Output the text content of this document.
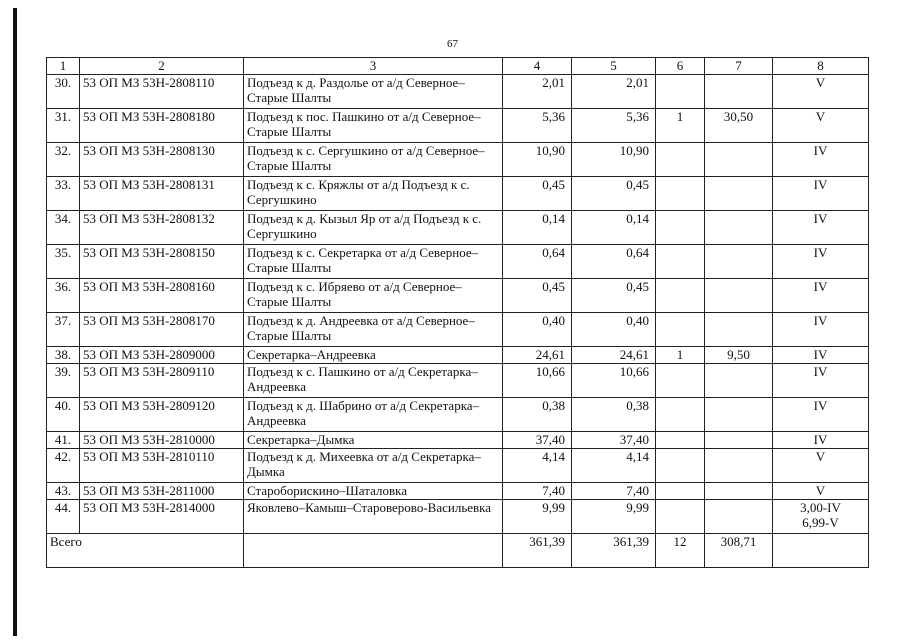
67
1	2	3	4	5	6	7	8
30.	53 ОП МЗ 53Н-2808110	Подъезд к д. Раздолье от а/д Северное–Старые Шалты	2,01	2,01			V

31.	53 ОП МЗ 53Н-2808180	Подъезд к пос. Пашкино от а/д Северное–Старые Шалты	5,36	5,36	1	30,50	V

32.	53 ОП МЗ 53Н-2808130	Подъезд к с. Сергушкино от а/д Северное–Старые Шалты	10,90	10,90			IV

33.	53 ОП МЗ 53Н-2808131	Подъезд к с. Кряжлы от а/д Подъезд к с. Сергушкино	0,45	0,45			IV

34.	53 ОП МЗ 53Н-2808132	Подъезд к д. Кызыл Яр от а/д Подъезд к с. Сергушкино	0,14	0,14			IV

35.	53 ОП МЗ 53Н-2808150	Подъезд к с. Секретарка от а/д Северное–Старые Шалты	0,64	0,64			IV

36.	53 ОП МЗ 53Н-2808160	Подъезд к с. Ибряево от а/д Северное–Старые Шалты	0,45	0,45			IV

37.	53 ОП МЗ 53Н-2808170	Подъезд к д. Андреевка от а/д Северное– Старые Шалты	0,40	0,40			IV

38.	53 ОП МЗ 53Н-2809000	Секретарка–Андреевка	24,61	24,61	1	9,50	IV

39.	53 ОП МЗ 53Н-2809110	Подъезд к с. Пашкино от а/д Секретарка–Андреевка	10,66	10,66			IV

40.	53 ОП МЗ 53Н-2809120	Подъезд к д. Шабрино от а/д Секретарка–Андреевка	0,38	0,38			IV

41.	53 ОП МЗ 53Н-2810000	Секретарка–Дымка	37,40	37,40			IV

42.	53 ОП МЗ 53Н-2810110	Подъезд к д. Михеевка от а/д Секретарка–Дымка	4,14	4,14			V

43.	53 ОП МЗ 53Н-2811000	Староборискино–Шаталовка	7,40	7,40			V

44.	53 ОП МЗ 53Н-2814000	Яковлево–Камыш–Староверово-Васильевка	9,99	9,99			3,00-IV
6,99-V

Всего			361,39	361,39	12	308,71	
